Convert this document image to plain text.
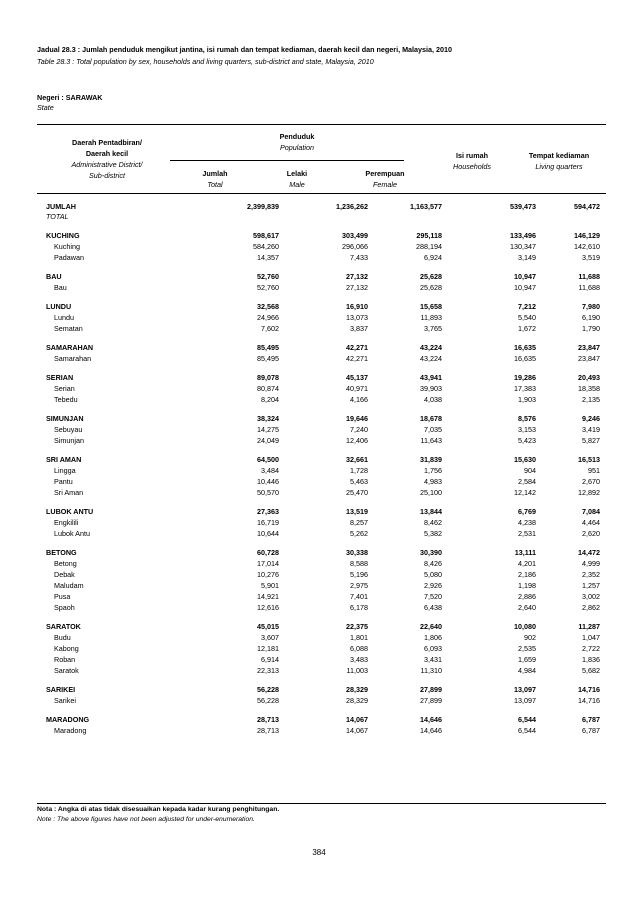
Jadual 28.3 : Jumlah penduduk mengikut jantina, isi rumah dan tempat kediaman, daerah kecil dan negeri, Malaysia, 2010
Table 28.3 : Total population by sex, households and living quarters, sub-district and state, Malaysia, 2010
Negeri : SARAWAK
State
Daerah Pentadbiran/
Daerah kecil
Administrative District/
Sub-district
Penduduk
Population
Jumlah
Total
Lelaki
Male
Perempuan
Female
Isi rumah
Households
Tempat kediaman
Living quarters
JUMLAH	2,399,839	1,236,262	1,163,577	539,473	594,472
TOTAL
KUCHING	598,617	303,499	295,118	133,496	146,129
Kuching	584,260	296,066	288,194	130,347	142,610
Padawan	14,357	7,433	6,924	3,149	3,519
BAU	52,760	27,132	25,628	10,947	11,688
Bau	52,760	27,132	25,628	10,947	11,688
LUNDU	32,568	16,910	15,658	7,212	7,980
Lundu	24,966	13,073	11,893	5,540	6,190
Sematan	7,602	3,837	3,765	1,672	1,790
SAMARAHAN	85,495	42,271	43,224	16,635	23,847
Samarahan	85,495	42,271	43,224	16,635	23,847
SERIAN	89,078	45,137	43,941	19,286	20,493
Serian	80,874	40,971	39,903	17,383	18,358
Tebedu	8,204	4,166	4,038	1,903	2,135
SIMUNJAN	38,324	19,646	18,678	8,576	9,246
Sebuyau	14,275	7,240	7,035	3,153	3,419
Simunjan	24,049	12,406	11,643	5,423	5,827
SRI AMAN	64,500	32,661	31,839	15,630	16,513
Lingga	3,484	1,728	1,756	904	951
Pantu	10,446	5,463	4,983	2,584	2,670
Sri Aman	50,570	25,470	25,100	12,142	12,892
LUBOK ANTU	27,363	13,519	13,844	6,769	7,084
Engkilili	16,719	8,257	8,462	4,238	4,464
Lubok Antu	10,644	5,262	5,382	2,531	2,620
BETONG	60,728	30,338	30,390	13,111	14,472
Betong	17,014	8,588	8,426	4,201	4,999
Debak	10,276	5,196	5,080	2,186	2,352
Maludam	5,901	2,975	2,926	1,198	1,257
Pusa	14,921	7,401	7,520	2,886	3,002
Spaoh	12,616	6,178	6,438	2,640	2,862
SARATOK	45,015	22,375	22,640	10,080	11,287
Budu	3,607	1,801	1,806	902	1,047
Kabong	12,181	6,088	6,093	2,535	2,722
Roban	6,914	3,483	3,431	1,659	1,836
Saratok	22,313	11,003	11,310	4,984	5,682
SARIKEI	56,228	28,329	27,899	13,097	14,716
Sarikei	56,228	28,329	27,899	13,097	14,716
MARADONG	28,713	14,067	14,646	6,544	6,787
Maradong	28,713	14,067	14,646	6,544	6,787
Nota : Angka di atas tidak disesuaikan kepada kadar kurang penghitungan.
Note : The above figures have not been adjusted for under-enumeration.
384
